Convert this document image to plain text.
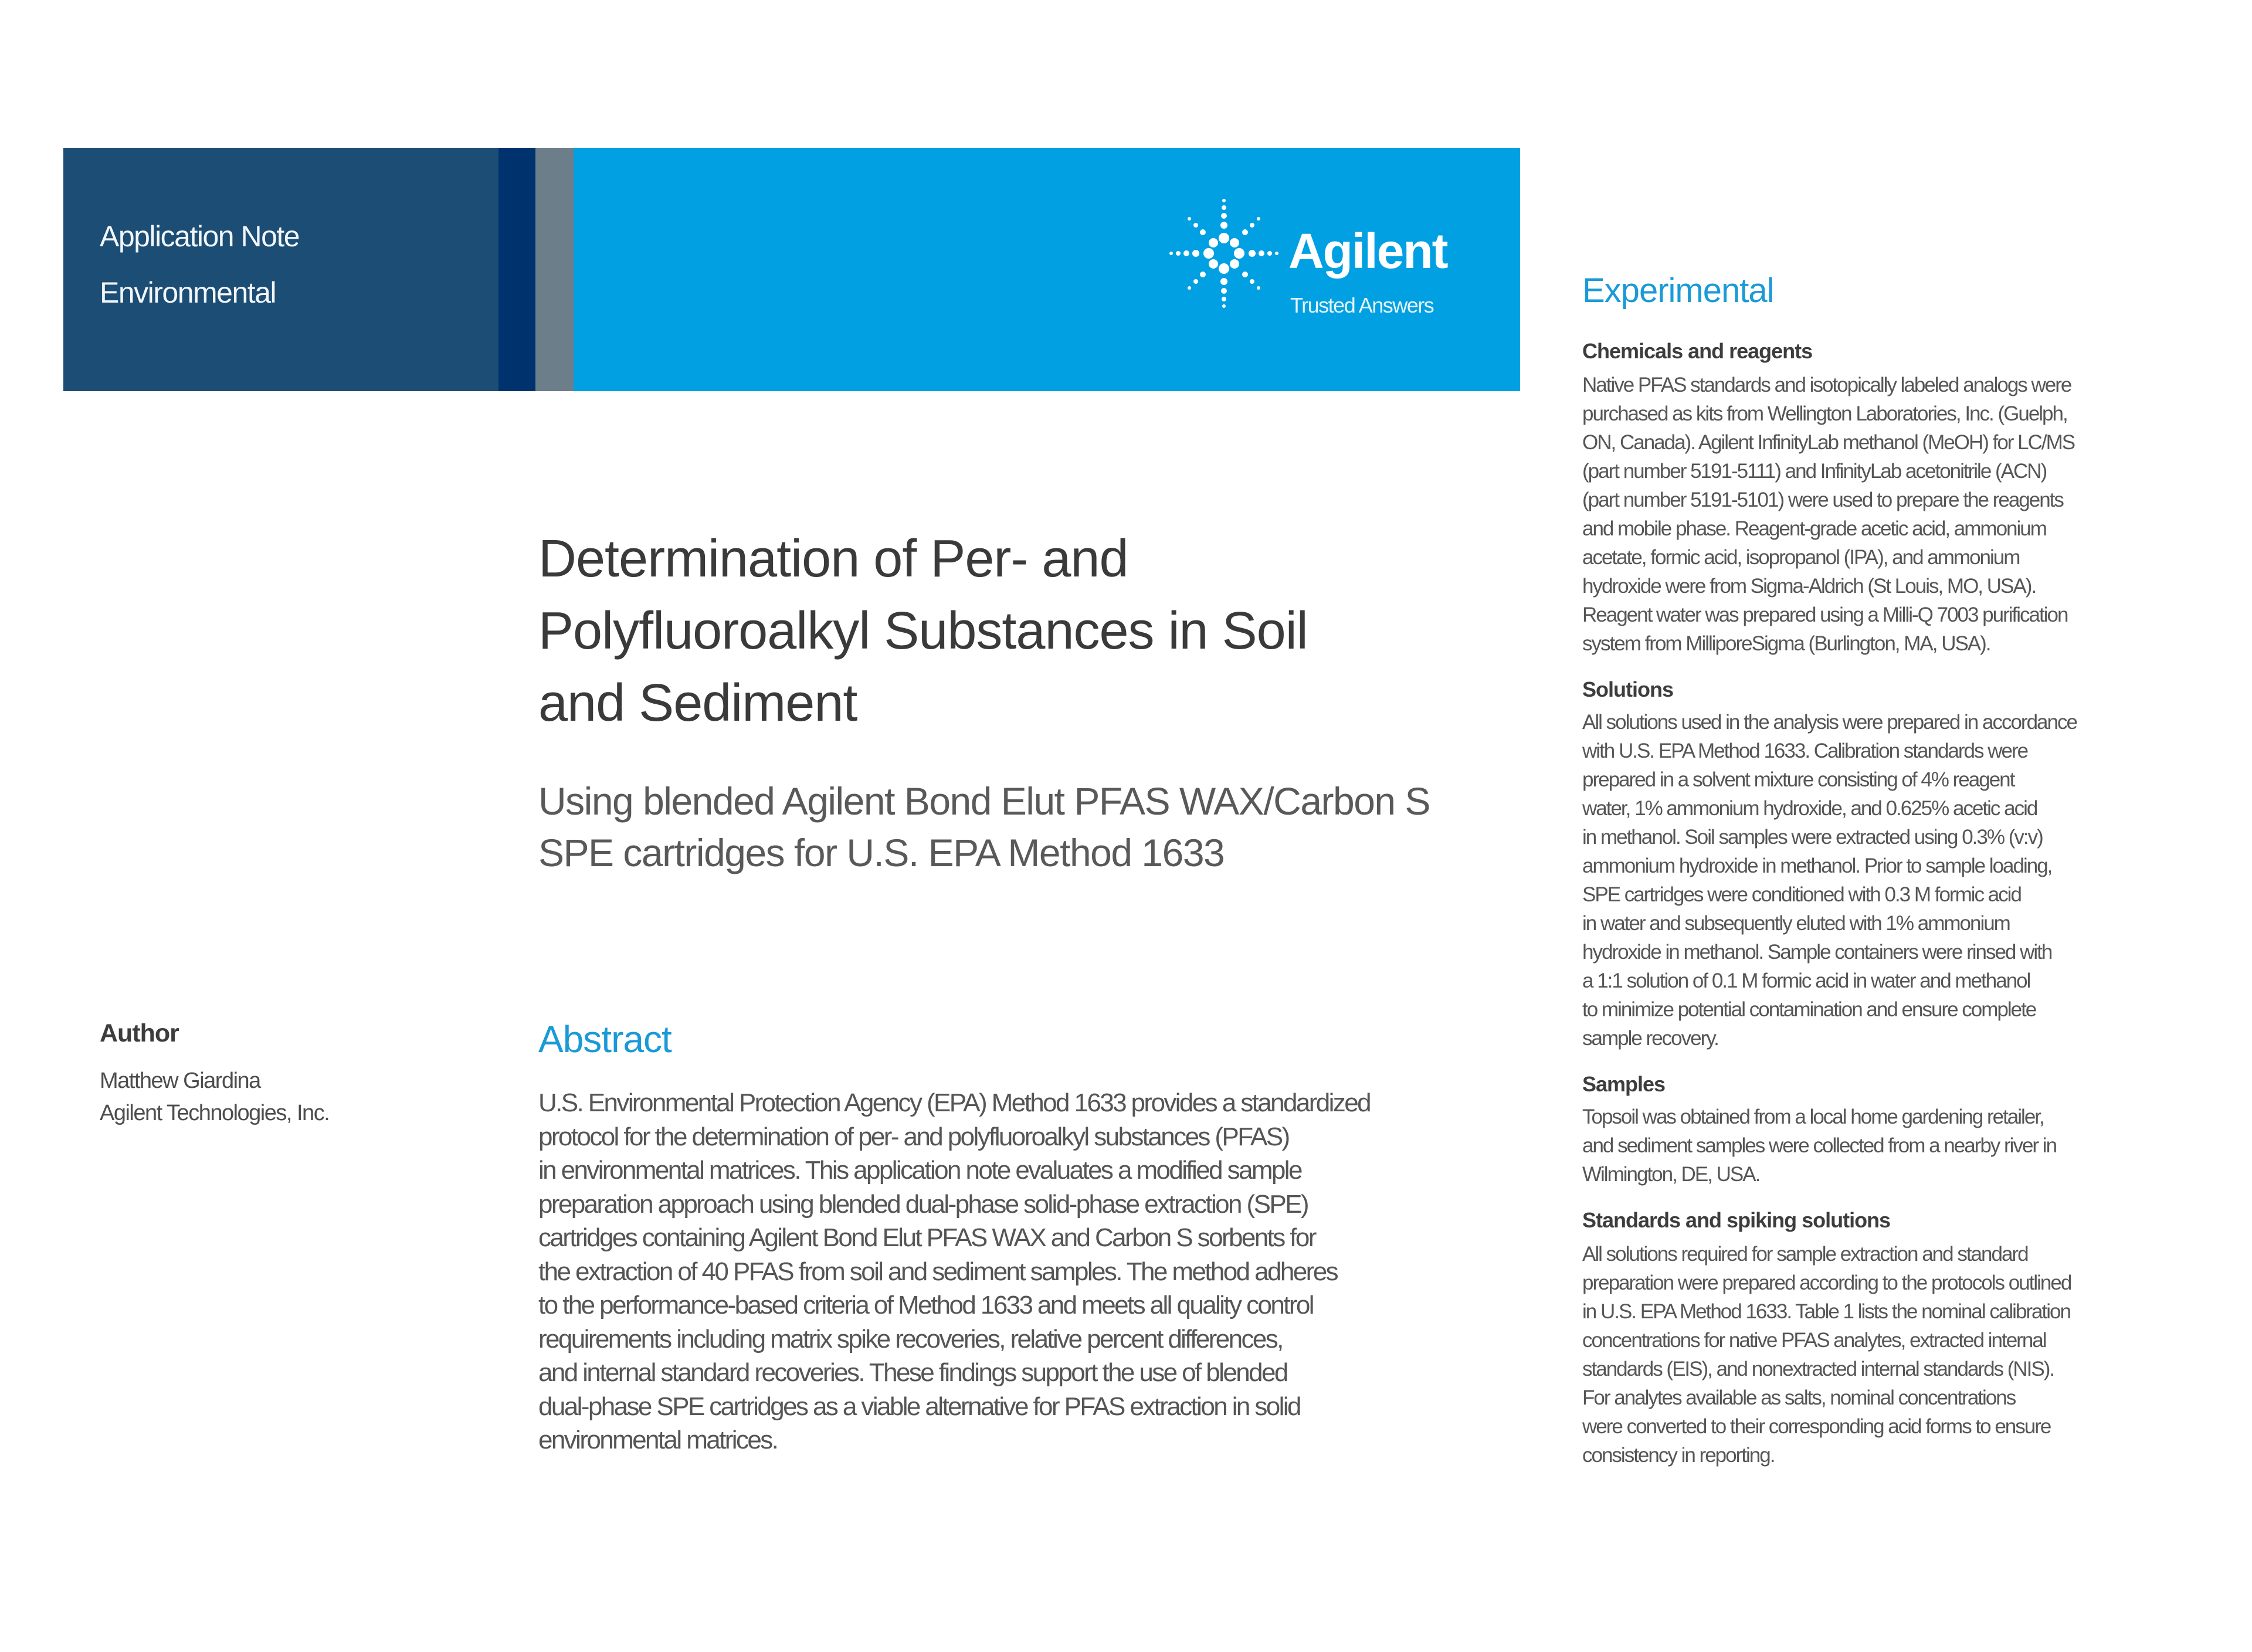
Application Note
Environmental
Agilent
Trusted Answers
Determination of Per- and
Polyfluoroalkyl Substances in Soil
and Sediment
Using blended Agilent Bond Elut PFAS WAX/Carbon S
SPE cartridges for U.S. EPA Method 1633
Author
Matthew Giardina
Agilent Technologies, Inc.
Abstract
U.S. Environmental Protection Agency (EPA) Method 1633 provides a standardized
protocol for the determination of per- and polyfluoroalkyl substances (PFAS)
in environmental matrices. This application note evaluates a modified sample
preparation approach using blended dual-phase solid-phase extraction (SPE)
cartridges containing Agilent Bond Elut PFAS WAX and Carbon S sorbents for
the extraction of 40 PFAS from soil and sediment samples. The method adheres
to the performance-based criteria of Method 1633 and meets all quality control
requirements including matrix spike recoveries, relative percent differences,
and internal standard recoveries. These findings support the use of blended
dual-phase SPE cartridges as a viable alternative for PFAS extraction in solid
environmental matrices.
Experimental
Chemicals and reagents
Native PFAS standards and isotopically labeled analogs were
purchased as kits from Wellington Laboratories, Inc. (Guelph,
ON, Canada). Agilent InfinityLab methanol (MeOH) for LC/MS
(part number 5191-5111) and InfinityLab acetonitrile (ACN)
(part number 5191-5101) were used to prepare the reagents
and mobile phase. Reagent-grade acetic acid, ammonium
acetate, formic acid, isopropanol (IPA), and ammonium
hydroxide were from Sigma-Aldrich (St Louis, MO, USA).
Reagent water was prepared using a Milli-Q 7003 purification
system from MilliporeSigma (Burlington, MA, USA).
Solutions
All solutions used in the analysis were prepared in accordance
with U.S. EPA Method 1633. Calibration standards were
prepared in a solvent mixture consisting of 4% reagent
water, 1% ammonium hydroxide, and 0.625% acetic acid
in methanol. Soil samples were extracted using 0.3% (v:v)
ammonium hydroxide in methanol. Prior to sample loading,
SPE cartridges were conditioned with 0.3 M formic acid
in water and subsequently eluted with 1% ammonium
hydroxide in methanol. Sample containers were rinsed with
a 1:1 solution of 0.1 M formic acid in water and methanol
to minimize potential contamination and ensure complete
sample recovery.
Samples
Topsoil was obtained from a local home gardening retailer,
and sediment samples were collected from a nearby river in
Wilmington, DE, USA.
Standards and spiking solutions
All solutions required for sample extraction and standard
preparation were prepared according to the protocols outlined
in U.S. EPA Method 1633. Table 1 lists the nominal calibration
concentrations for native PFAS analytes, extracted internal
standards (EIS), and nonextracted internal standards (NIS).
For analytes available as salts, nominal concentrations
were converted to their corresponding acid forms to ensure
consistency in reporting.
